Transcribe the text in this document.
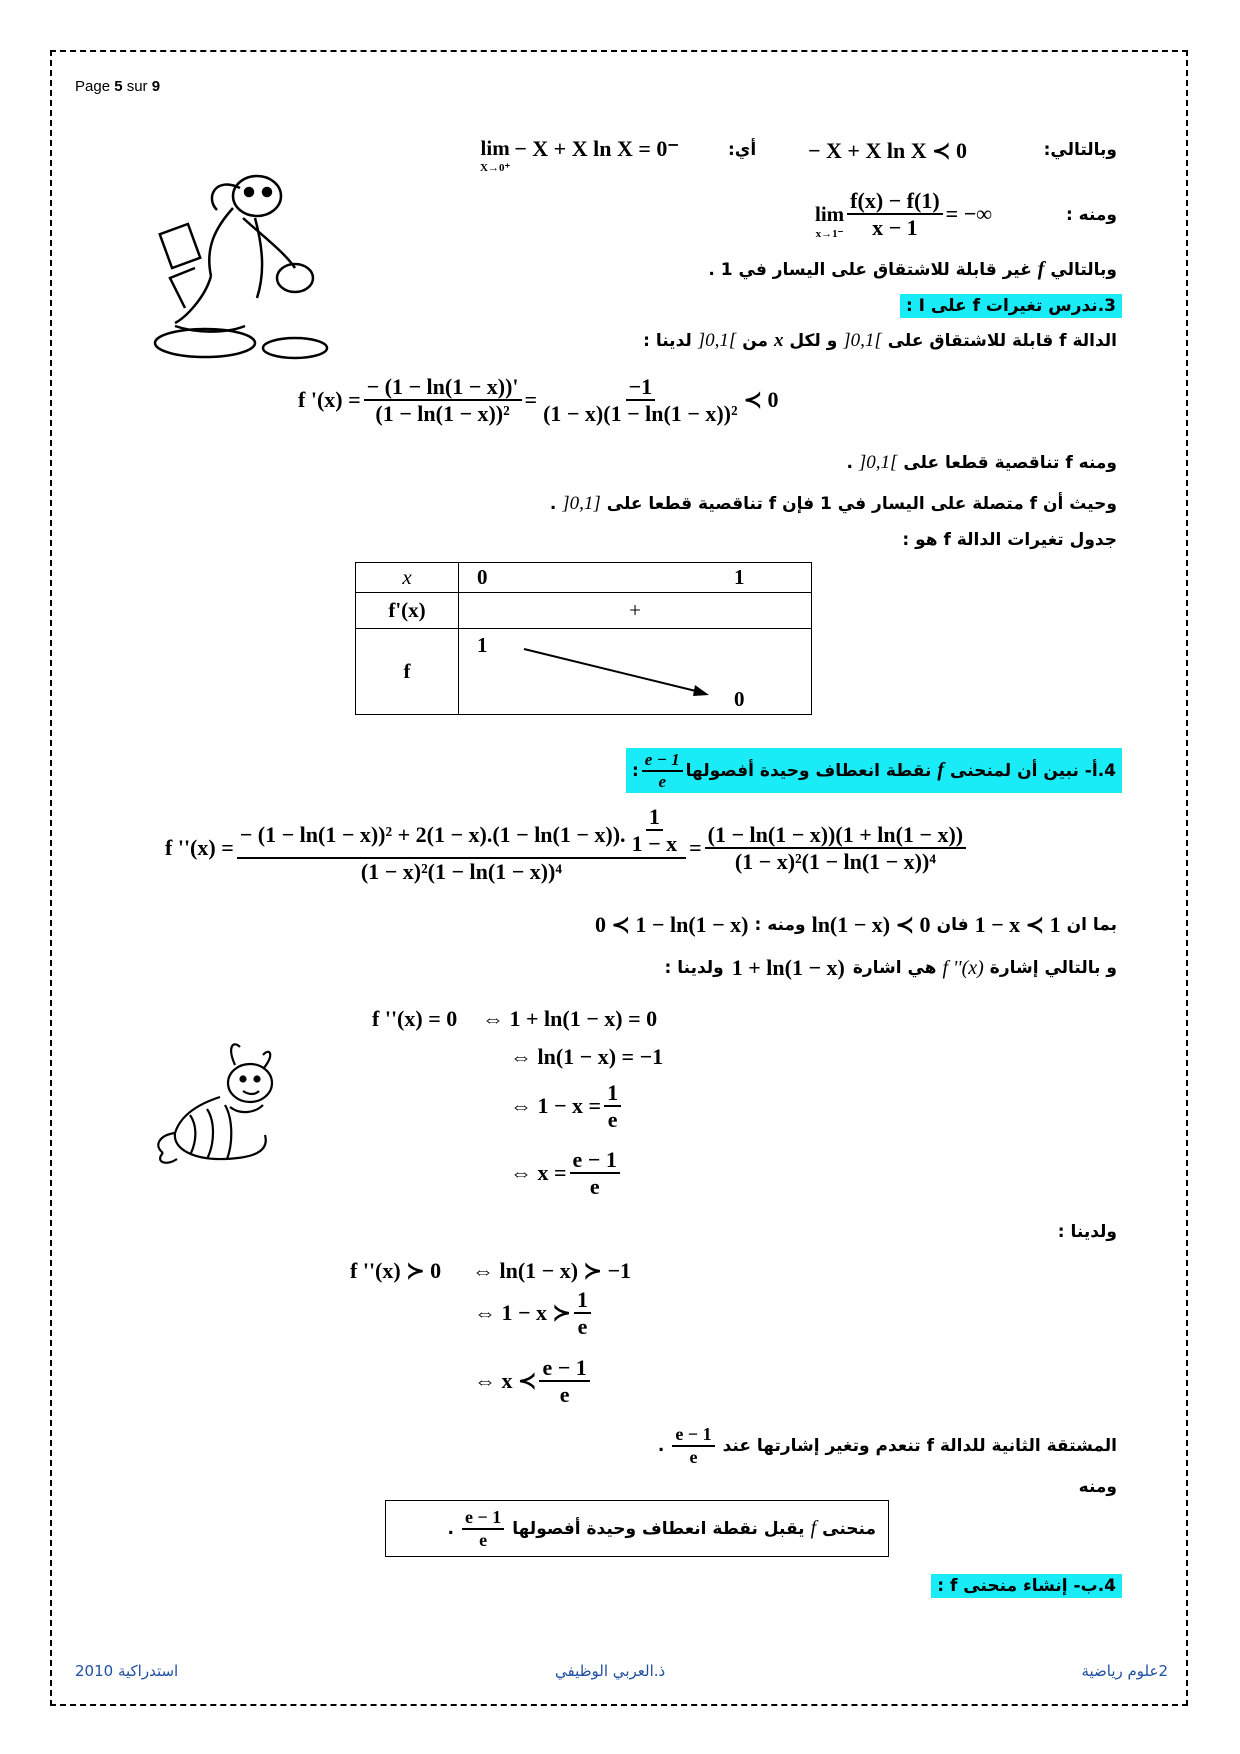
Page 5 sur 9
وبالتالي:
− X + X ln X ≺ 0
أي:
lim
X→0⁺
− X + X ln X = 0⁻
ومنه :
lim
$x\to 1^- \frac{f(x) - f(1)}{x - 1}$ = −∞
وبالتالي f غير قابلة للاشتقاق على اليسار في 1 .
3.ندرس تغيرات f على I :
الدالة f قابلة للاشتقاق على ]0,1[ و لكل x من ]0,1[ لدينا :
f '$(x) = \frac{- (1 - \ln(1 - x))'}{\text{(1 − ln(1 − x))²}} = \frac{-1}{\text{(1 − x)(1 − ln(1 − x))²}}$ ≺ 0
ومنه f تناقصية قطعا على ]0,1[ .
وحيث أن f متصلة على اليسار في 1 فإن f تناقصية قطعا على [0,1[ .
جدول تغيرات الدالة f هو :
x	0 1

f'(x)	+
f	1
0
4.أ- نبين أن لمنحنى
f
نقطة انعطاف وحيدة أفصولها
$\frac{e - 1}{e}$
:
f ''(x) =
− (1 − ln(1 − x))² + 2(1 − x).(1 − ln(1 − x)). $\frac{1}{1 - x}$
(1 − x)²(1 − ln(1 − x))⁴
= $\frac{(1 - \ln(1 - x))(1 + \ln(1 - x))}{\text{(1 − x)²(1 − ln(1 − x))⁴}}$
بما ان
1 − x ≺ 1
فان
ln(1 − x) ≺ 0
ومنه :
0 ≺ 1 − ln(1 − x)
و بالتالي إشارة
f ''(x)
هي اشارة
1 + ln(1 − x)
ولدينا :
f ''(x) = 0 ⇔ 1 + ln(1 − x) = 0
⇔ ln(1 − x) = −1
⇔ $1 - x = \frac{1}{e}$
⇔ $x = \frac{e - 1}{e}$
ولدينا :
f ''(x) ≻ 0 ⇔ ln(1 − x) ≻ −1
⇔ 1 − x ≻ $\frac{1}{e}$
⇔ x ≺ $\frac{e - 1}{e}$
المشتقة الثانية للدالة f تنعدم وتغير إشارتها عند
$\frac{e - 1}{e}$
.
ومنه
منحنى
f
يقبل نقطة انعطاف وحيدة أفصولها
$\frac{e - 1}{e}$
.
4.ب- إنشاء منحنى f :
استدراكية 2010	ذ.العربي الوظيفي	2علوم رياضية
